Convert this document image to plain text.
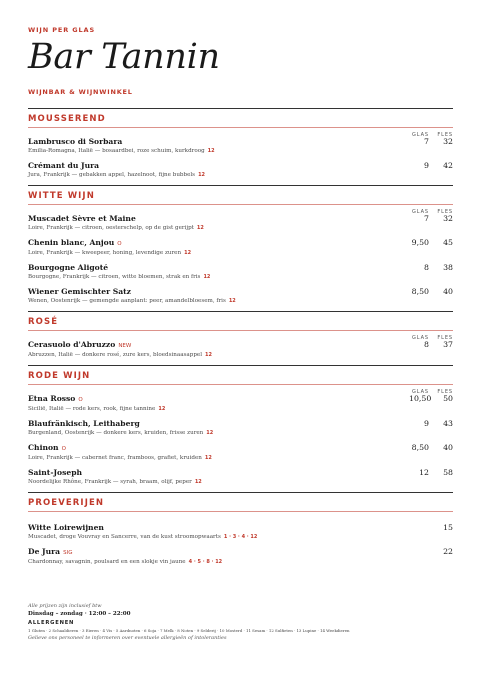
WIJN PER GLAS
Bar Tannin
WIJNBAR & WIJNWINKEL
MOUSSEREND
GLAS	FLES
Lambrusco di Sorbara
Emilia-Romagna, Italië — bosaardbei, roze schuim, kurkdroog 12
7	32
Crémant du Jura
Jura, Frankrijk — gebakken appel, hazelnoot, fijne bubbels 12
9	42
WITTE WIJN
GLAS	FLES
Muscadet Sèvre et Maine
Loire, Frankrijk — citroen, oesterschelp, op de gist gerijpt 12
7	32
Chenin blanc, Anjou O
Loire, Frankrijk — kweepeer, honing, levendige zuren 12
9,50	45
Bourgogne Aligoté
Bourgogne, Frankrijk — citroen, witte bloemen, strak en fris 12
8	38
Wiener Gemischter Satz
Wenen, Oostenrijk — gemengde aanplant: peer, amandelbloesem, fris 12
8,50	40
ROSÉ
GLAS	FLES
Cerasuolo d'Abruzzo NEW
Abruzzen, Italië — donkere rosé, zure kers, bloedsinaasappel 12
8	37
RODE WIJN
GLAS	FLES
Etna Rosso O
Sicilië, Italië — rode kers, rook, fijne tannine 12
10,50	50
Blaufränkisch, Leithaberg
Burgenland, Oostenrijk — donkere kers, kruiden, frisse zuren 12
9	43
Chinon O
Loire, Frankrijk — cabernet franc, framboos, grafiet, kruiden 12
8,50	40
Saint-Joseph
Noordelijke Rhône, Frankrijk — syrah, braam, olijf, peper 12
12	58
PROEVERIJEN
Witte Loirewijnen
Muscadet, droge Vouvray en Sancerre, van de kust stroomopwaarts 1 · 3 · 4 · 12
15
De Jura SIG
Chardonnay, savagnin, poulsard en een slokje vin jaune 4 · 5 · 8 · 12
22
Alle prijzen zijn inclusief btw
Dinsdag – zondag · 12:00 – 22:00
ALLERGENEN
1 Gluten · 2 Schaaldieren · 3 Eieren · 4 Vis · 5 Aardnoten · 6 Soja · 7 Melk · 8 Noten · 9 Selderij · 10 Mosterd · 11 Sesam · 12 Sulfieten · 13 Lupine · 14 Weekdieren
Gelieve ons personeel te informeren over eventuele allergieën of intoleranties
